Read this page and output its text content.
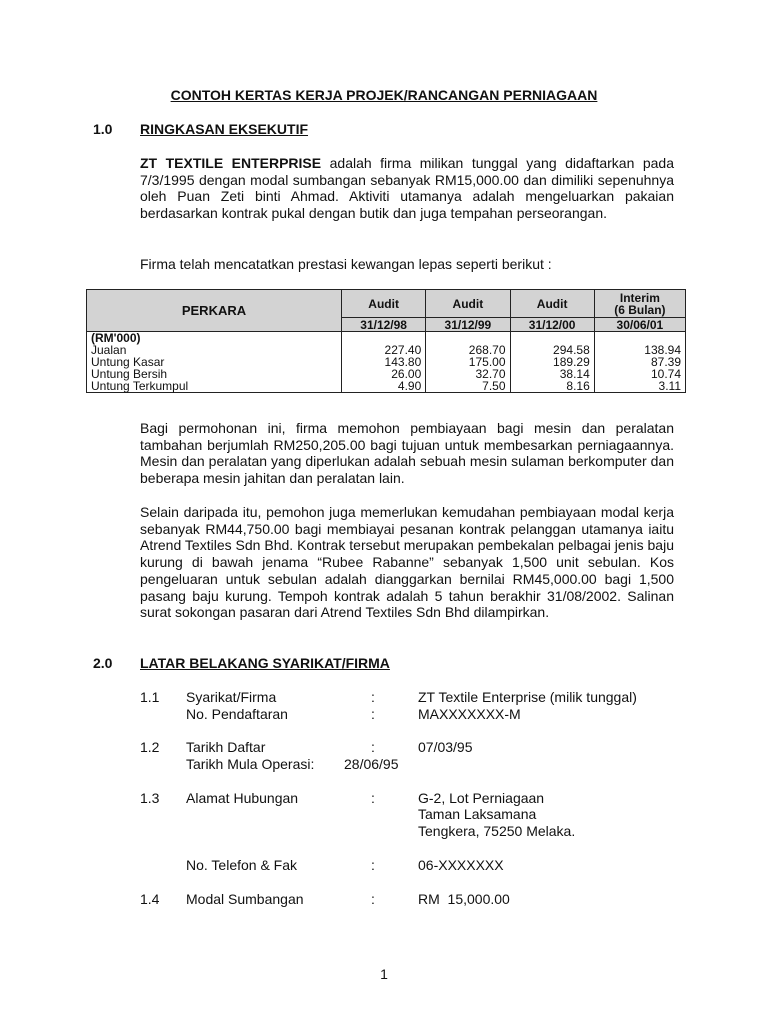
CONTOH KERTAS KERJA PROJEK/RANCANGAN PERNIAGAAN
1.0 RINGKASAN EKSEKUTIF

ZT TEXTILE ENTERPRISE adalah firma milikan tunggal yang didaftarkan pada 7/3/1995 dengan modal sumbangan sebanyak RM15,000.00 dan dimiliki sepenuhnya oleh Puan Zeti binti Ahmad. Aktiviti utamanya adalah mengeluarkan pakaian berdasarkan kontrak pukal dengan butik dan juga tempahan perseorangan.

Firma telah mencatatkan prestasi kewangan lepas seperti berikut :

PERKARA	Audit	Audit	Audit	Interim
(6 Bulan)
	31/12/98	31/12/99	31/12/00	30/06/01
(RM'000)				
Jualan	227.40	268.70	294.58	138.94
Untung Kasar	143.80	175.00	189.29	87.39
Untung Bersih	26.00	32.70	38.14	10.74
Untung Terkumpul	4.90	7.50	8.16	3.11

Bagi permohonan ini, firma memohon pembiayaan bagi mesin dan peralatan tambahan berjumlah RM250,205.00 bagi tujuan untuk membesarkan perniagaannya. Mesin dan peralatan yang diperlukan adalah sebuah mesin sulaman berkomputer dan beberapa mesin jahitan dan peralatan lain.

Selain daripada itu, pemohon juga memerlukan kemudahan pembiayaan modal kerja sebanyak RM44,750.00 bagi membiayai pesanan kontrak pelanggan utamanya iaitu Atrend Textiles Sdn Bhd. Kontrak tersebut merupakan pembekalan pelbagai jenis baju kurung di bawah jenama “Rubee Rabanne” sebanyak 1,500 unit sebulan. Kos pengeluaran untuk sebulan adalah dianggarkan bernilai RM45,000.00 bagi 1,500 pasang baju kurung. Tempoh kontrak adalah 5 tahun berakhir 31/08/2002. Salinan surat sokongan pasaran dari Atrend Textiles Sdn Bhd dilampirkan.

2.0 LATAR BELAKANG SYARIKAT/FIRMA
1.1 Syarikat/Firma	:	ZT Textile Enterprise (milik tunggal)
No. Pendaftaran	:	MAXXXXXXX-M
1.2 Tarikh Daftar	:	07/03/95
Tarikh Mula Operasi: 28/06/95
1.3 Alamat Hubungan	:	G-2, Lot Perniagaan
Taman Laksamana
Tengkera, 75250 Melaka.
No. Telefon & Fak	:	06-XXXXXXX
1.4 Modal Sumbangan	:	RM  15,000.00
1
